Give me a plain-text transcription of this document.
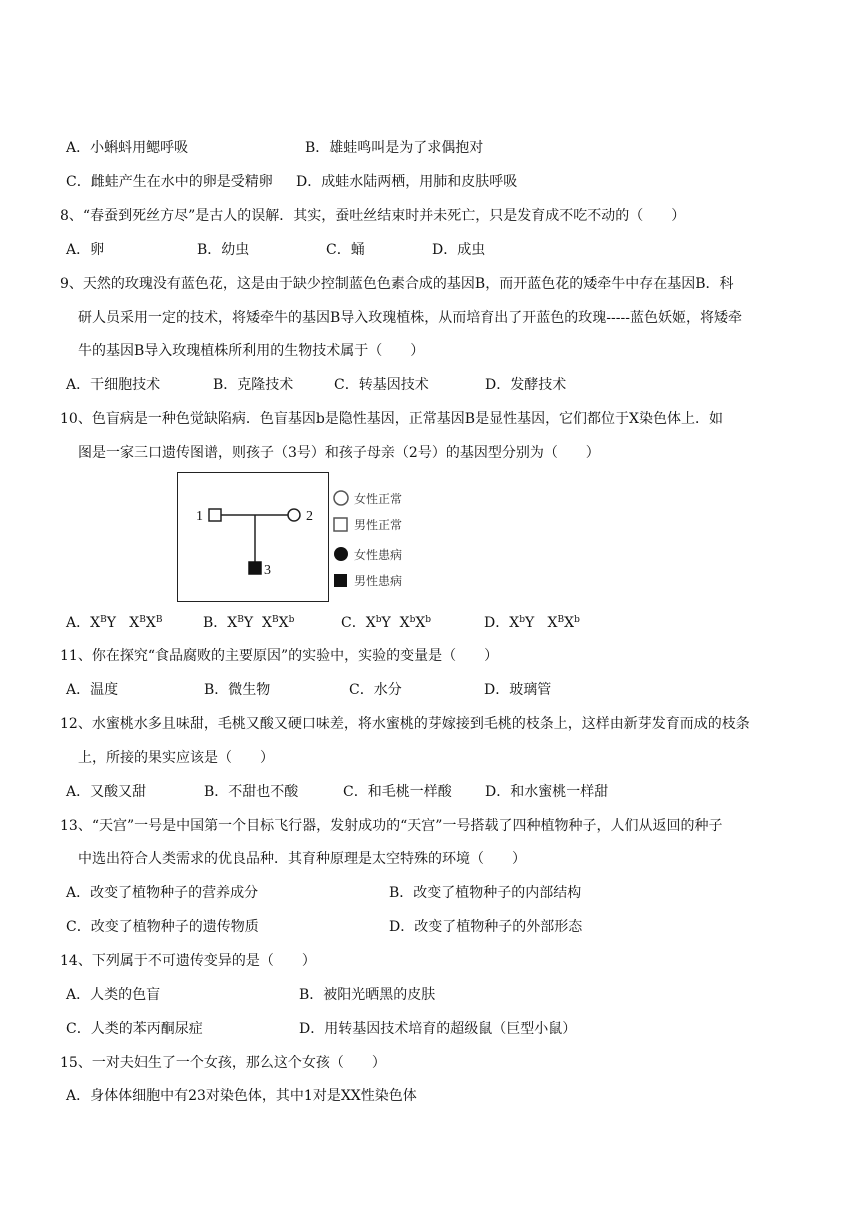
A．小蝌蚪用鳃呼吸	B．雄蛙鸣叫是为了求偶抱对
C．雌蛙产生在水中的卵是受精卵 D．成蛙水陆两栖，用肺和皮肤呼吸
8、“春蚕到死丝方尽”是古人的误解．其实，蚕吐丝结束时并未死亡，只是发育成不吃不动的（　　）
A．卵	B．幼虫	C．蛹	D．成虫
9、天然的玫瑰没有蓝色花，这是由于缺少控制蓝色色素合成的基因B，而开蓝色花的矮牵牛中存在基因B．科
研人员采用一定的技术，将矮牵牛的基因B导入玫瑰植株，从而培育出了开蓝色的玫瑰-----蓝色妖姬，将矮牵
牛的基因B导入玫瑰植株所利用的生物技术属于（　　）
A．干细胞技术	B．克隆技术	C．转基因技术	D．发酵技术
10、色盲病是一种色觉缺陷病．色盲基因b是隐性基因，正常基因B是显性基因，它们都位于X染色体上．如
图是一家三口遗传图谱，则孩子（3号）和孩子母亲（2号）的基因型分别为（　　）
1	2
3
女性正常
男性正常
女性患病
男性患病
A．$X^BY$   $X^BX^B$	B．$X^BY$  $X^BX^b$	C．$X^bY$  $X^bX^b$	D．$X^bY$   $X^BX^b$
11、你在探究“食品腐败的主要原因”的实验中，实验的变量是（　　）
A．温度	B．微生物	C．水分	D．玻璃管
12、水蜜桃水多且味甜，毛桃又酸又硬口味差，将水蜜桃的芽嫁接到毛桃的枝条上，这样由新芽发育而成的枝条
上，所接的果实应该是（　　）
A．又酸又甜	B．不甜也不酸	C．和毛桃一样酸 D．和水蜜桃一样甜
13、“天宫”一号是中国第一个目标飞行器，发射成功的“天宫”一号搭载了四种植物种子，人们从返回的种子
中选出符合人类需求的优良品种．其育种原理是太空特殊的环境（　　）
A．改变了植物种子的营养成分	B．改变了植物种子的内部结构
C．改变了植物种子的遗传物质	D．改变了植物种子的外部形态
14、下列属于不可遗传变异的是（　　）
A．人类的色盲	B．被阳光晒黑的皮肤
C．人类的苯丙酮尿症	D．用转基因技术培育的超级鼠（巨型小鼠）
15、一对夫妇生了一个女孩，那么这个女孩（　　）
A．身体体细胞中有23对染色体，其中1对是XX性染色体
